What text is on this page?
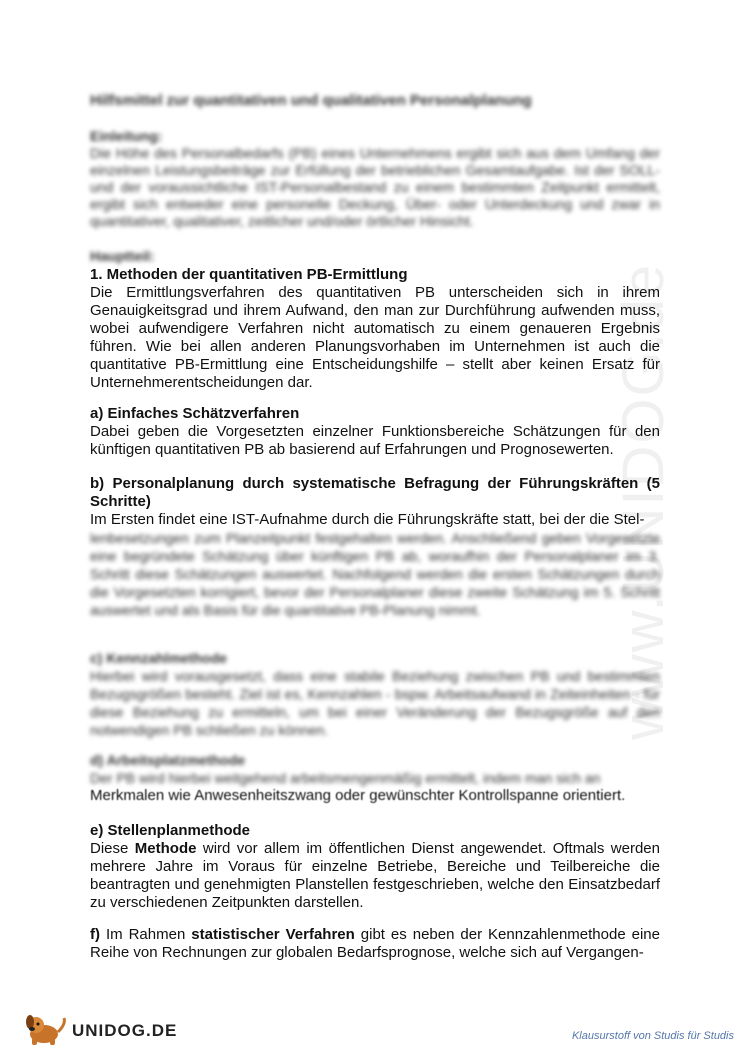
www.UNIDOG.de
Hilfsmittel zur quantitativen und qualitativen Personalplanung
Einleitung:
Die Höhe des Personalbedarfs (PB) eines Unternehmens ergibt sich aus dem Umfang der einzelnen Leistungsbeiträge zur Erfüllung der betrieblichen Gesamtaufgabe. Ist der SOLL- und der voraussichtliche IST-Personalbestand zu einem bestimmten Zeitpunkt ermittelt, ergibt sich entweder eine personelle Deckung, Über- oder Unterdeckung und zwar in quantitativer, qualitativer, zeitlicher und/oder örtlicher Hinsicht.
Hauptteil:
1. Methoden der quantitativen PB-Ermittlung
Die Ermittlungsverfahren des quantitativen PB unterscheiden sich in ihrem Genauigkeitsgrad und ihrem Aufwand, den man zur Durchführung aufwenden muss, wobei aufwendigere Verfahren nicht automatisch zu einem genaueren Ergebnis führen. Wie bei allen anderen Planungsvorhaben im Unternehmen ist auch die quantitative PB-Ermittlung eine Entscheidungshilfe – stellt aber keinen Ersatz für Unternehmerentscheidungen dar.
a) Einfaches Schätzverfahren
Dabei geben die Vorgesetzten einzelner Funktionsbereiche Schätzungen für den künftigen quantitativen PB ab basierend auf Erfahrungen und Prognosewerten.
b) Personalplanung durch systematische Befragung der Führungskräften (5 Schritte)
Im Ersten findet eine IST-Aufnahme durch die Führungskräfte statt, bei der die Stel-
lenbesetzungen zum Planzeitpunkt festgehalten werden. Anschließend geben Vorgesetzte eine begründete Schätzung über künftigen PB ab, woraufhin der Personalplaner im 3. Schritt diese Schätzungen auswertet. Nachfolgend werden die ersten Schätzungen durch die Vorgesetzten korrigiert, bevor der Personalplaner diese zweite Schätzung im 5. Schritt auswertet und als Basis für die quantitative PB-Planung nimmt.
c) Kennzahlmethode
Hierbei wird vorausgesetzt, dass eine stabile Beziehung zwischen PB und bestimmten Bezugsgrößen besteht. Ziel ist es, Kennzahlen - bspw. Arbeitsaufwand in Zeiteinheiten - für diese Beziehung zu ermitteln, um bei einer Veränderung der Bezugsgröße auf den notwendigen PB schließen zu können.
d) Arbeitsplatzmethode
Der PB wird hierbei weitgehend arbeitsmengenmäßig ermittelt, indem man sich an
Merkmalen wie Anwesenheitszwang oder gewünschter Kontrollspanne orientiert.
e) Stellenplanmethode
Diese Methode wird vor allem im öffentlichen Dienst angewendet. Oftmals werden mehrere Jahre im Voraus für einzelne Betriebe, Bereiche und Teilbereiche die beantragten und genehmigten Planstellen festgeschrieben, welche den Einsatzbedarf zu verschiedenen Zeitpunkten darstellen.
f) Im Rahmen statistischer Verfahren gibt es neben der Kennzahlenmethode eine Reihe von Rechnungen zur globalen Bedarfsprognose, welche sich auf Vergangen-
UNIDOG.DE	Klausurstoff von Studis für Studis
